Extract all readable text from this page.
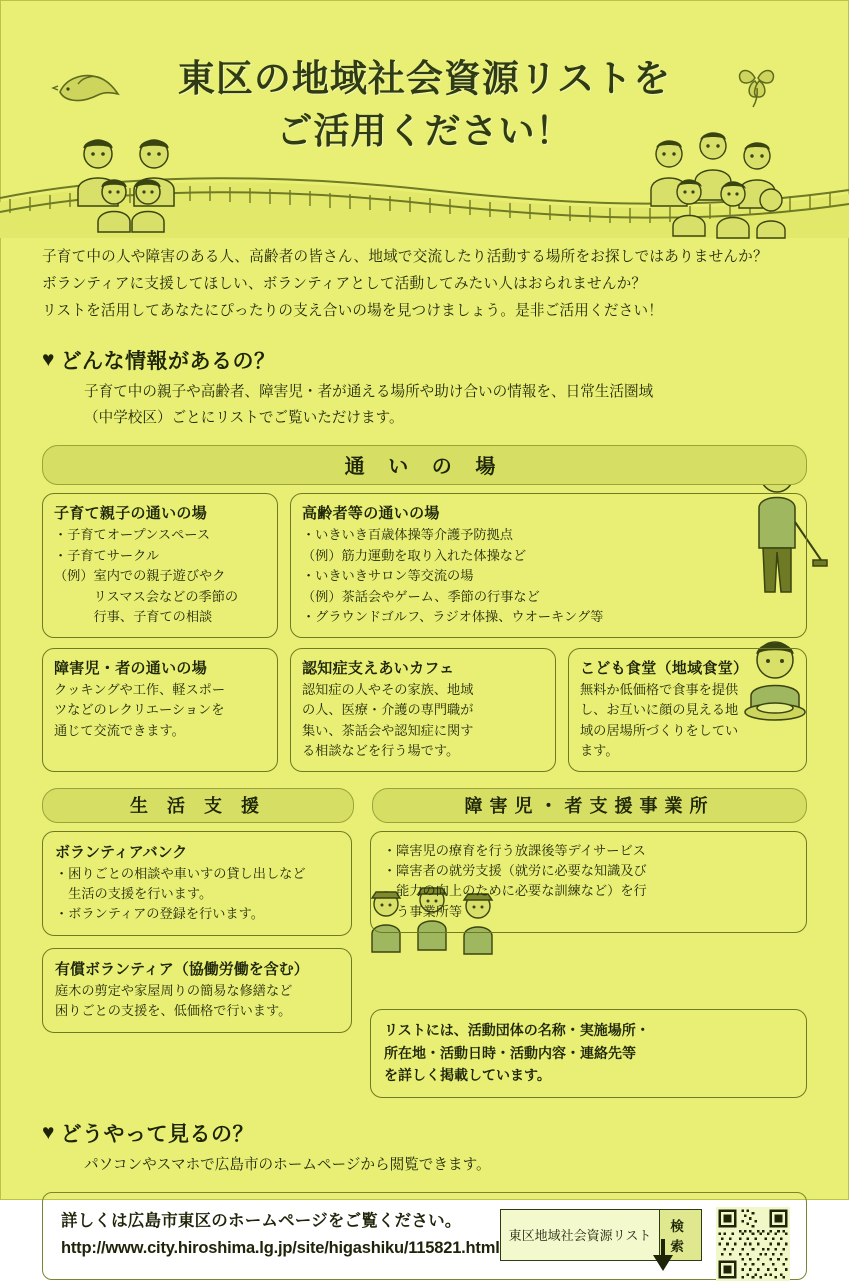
東区の地域社会資源リストを
ご活用ください！
子育て中の人や障害のある人、高齢者の皆さん、地域で交流したり活動する場所をお探しではありませんか？
ボランティアに支援してほしい、ボランティアとして活動してみたい人はおられませんか？
リストを活用してあなたにぴったりの支え合いの場を見つけましょう。是非ご活用ください！
♥ どんな情報があるの？
子育て中の親子や高齢者、障害児・者が通える場所や助け合いの情報を、日常生活圏域
（中学校区）ごとにリストでご覧いただけます。
通 い の 場
子育て親子の通いの場
・子育てオープンスペース
・子育てサークル
（例）室内での親子遊びやク
　　　リスマス会などの季節の
　　　行事、子育ての相談
高齢者等の通いの場
・いきいき百歳体操等介護予防拠点
（例）筋力運動を取り入れた体操など
・いきいきサロン等交流の場
（例）茶話会やゲーム、季節の行事など
・グラウンドゴルフ、ラジオ体操、ウオーキング等
障害児・者の通いの場
クッキングや工作、軽スポー
ツなどのレクリエーションを
通じて交流できます。
認知症支えあいカフェ
認知症の人やその家族、地域
の人、医療・介護の専門職が
集い、茶話会や認知症に関す
る相談などを行う場です。
こども食堂（地域食堂）
無料か低価格で食事を提供
し、お互いに顔の見える地
域の居場所づくりをしてい
ます。
生 活 支 援	障害児・者支援事業所
ボランティアバンク
・困りごとの相談や車いすの貸し出しなど
　生活の支援を行います。
・ボランティアの登録を行います。
有償ボランティア（協働労働を含む）
庭木の剪定や家屋周りの簡易な修繕など
困りごとの支援を、低価格で行います。
・障害児の療育を行う放課後等デイサービス
・障害者の就労支援（就労に必要な知識及び
　能力の向上のために必要な訓練など）を行
　う事業所等
リストには、活動団体の名称・実施場所・
所在地・活動日時・活動内容・連絡先等
を詳しく掲載しています。
♥ どうやって見るの？
パソコンやスマホで広島市のホームページから閲覧できます。
詳しくは広島市東区のホームページをご覧ください。
http://www.city.hiroshima.lg.jp/site/higashiku/115821.html
東区地域社会資源リスト
検索
